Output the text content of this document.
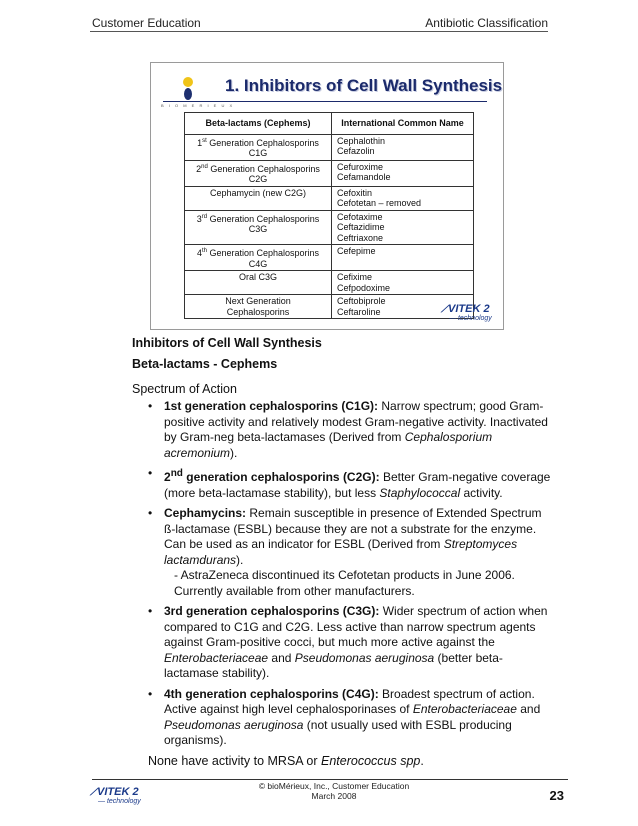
Customer Education	Antibiotic Classification
B I O M E R I E U X
1. Inhibitors of Cell Wall Synthesis
Beta-lactams (Cephems)	International Common Name

1st Generation Cephalosporins
C1G	Cephalothin
Cefazolin

2nd Generation Cephalosporins
C2G	Cefuroxime
Cefamandole

Cephamycin (new C2G)	Cefoxitin
Cefotetan – removed

3rd Generation Cephalosporins
C3G	Cefotaxime
Ceftazidime
Ceftriaxone

4th Generation Cephalosporins
C4G	Cefepime

Oral C3G	Cefixime
Cefpodoxime

Next Generation
Cephalosporins	Ceftobiprole
Ceftaroline	⟋VITEK 2
— technology
Inhibitors of Cell Wall Synthesis
Beta-lactams - Cephems
Spectrum of Action
• 1st generation cephalosporins (C1G): Narrow spectrum; good Gram-positive activity and relatively modest Gram-negative activity. Inactivated by Gram-neg beta-lactamases (Derived from Cephalosporium acremonium).
• 2nd generation cephalosporins (C2G): Better Gram-negative coverage (more beta-lactamase stability), but less Staphylococcal activity.
• Cephamycins: Remain susceptible in presence of Extended Spectrum ß-lactamase (ESBL) because they are not a substrate for the enzyme. Can be used as an indicator for ESBL (Derived from Streptomyces lactamdurans).
- AstraZeneca discontinued its Cefotetan products in June 2006. Currently available from other manufacturers.
• 3rd generation cephalosporins (C3G): Wider spectrum of action when compared to C1G and C2G. Less active than narrow spectrum agents against Gram-positive cocci, but much more active against the Enterobacteriaceae and Pseudomonas aeruginosa (better beta-lactamase stability).
• 4th generation cephalosporins (C4G): Broadest spectrum of action. Active against high level cephalosporinases of Enterobacteriaceae and Pseudomonas aeruginosa (not usually used with ESBL producing organisms).
None have activity to MRSA or Enterococcus spp.
⟋VITEK 2
— technology
© bioMérieux, Inc., Customer Education
March 2008	23
